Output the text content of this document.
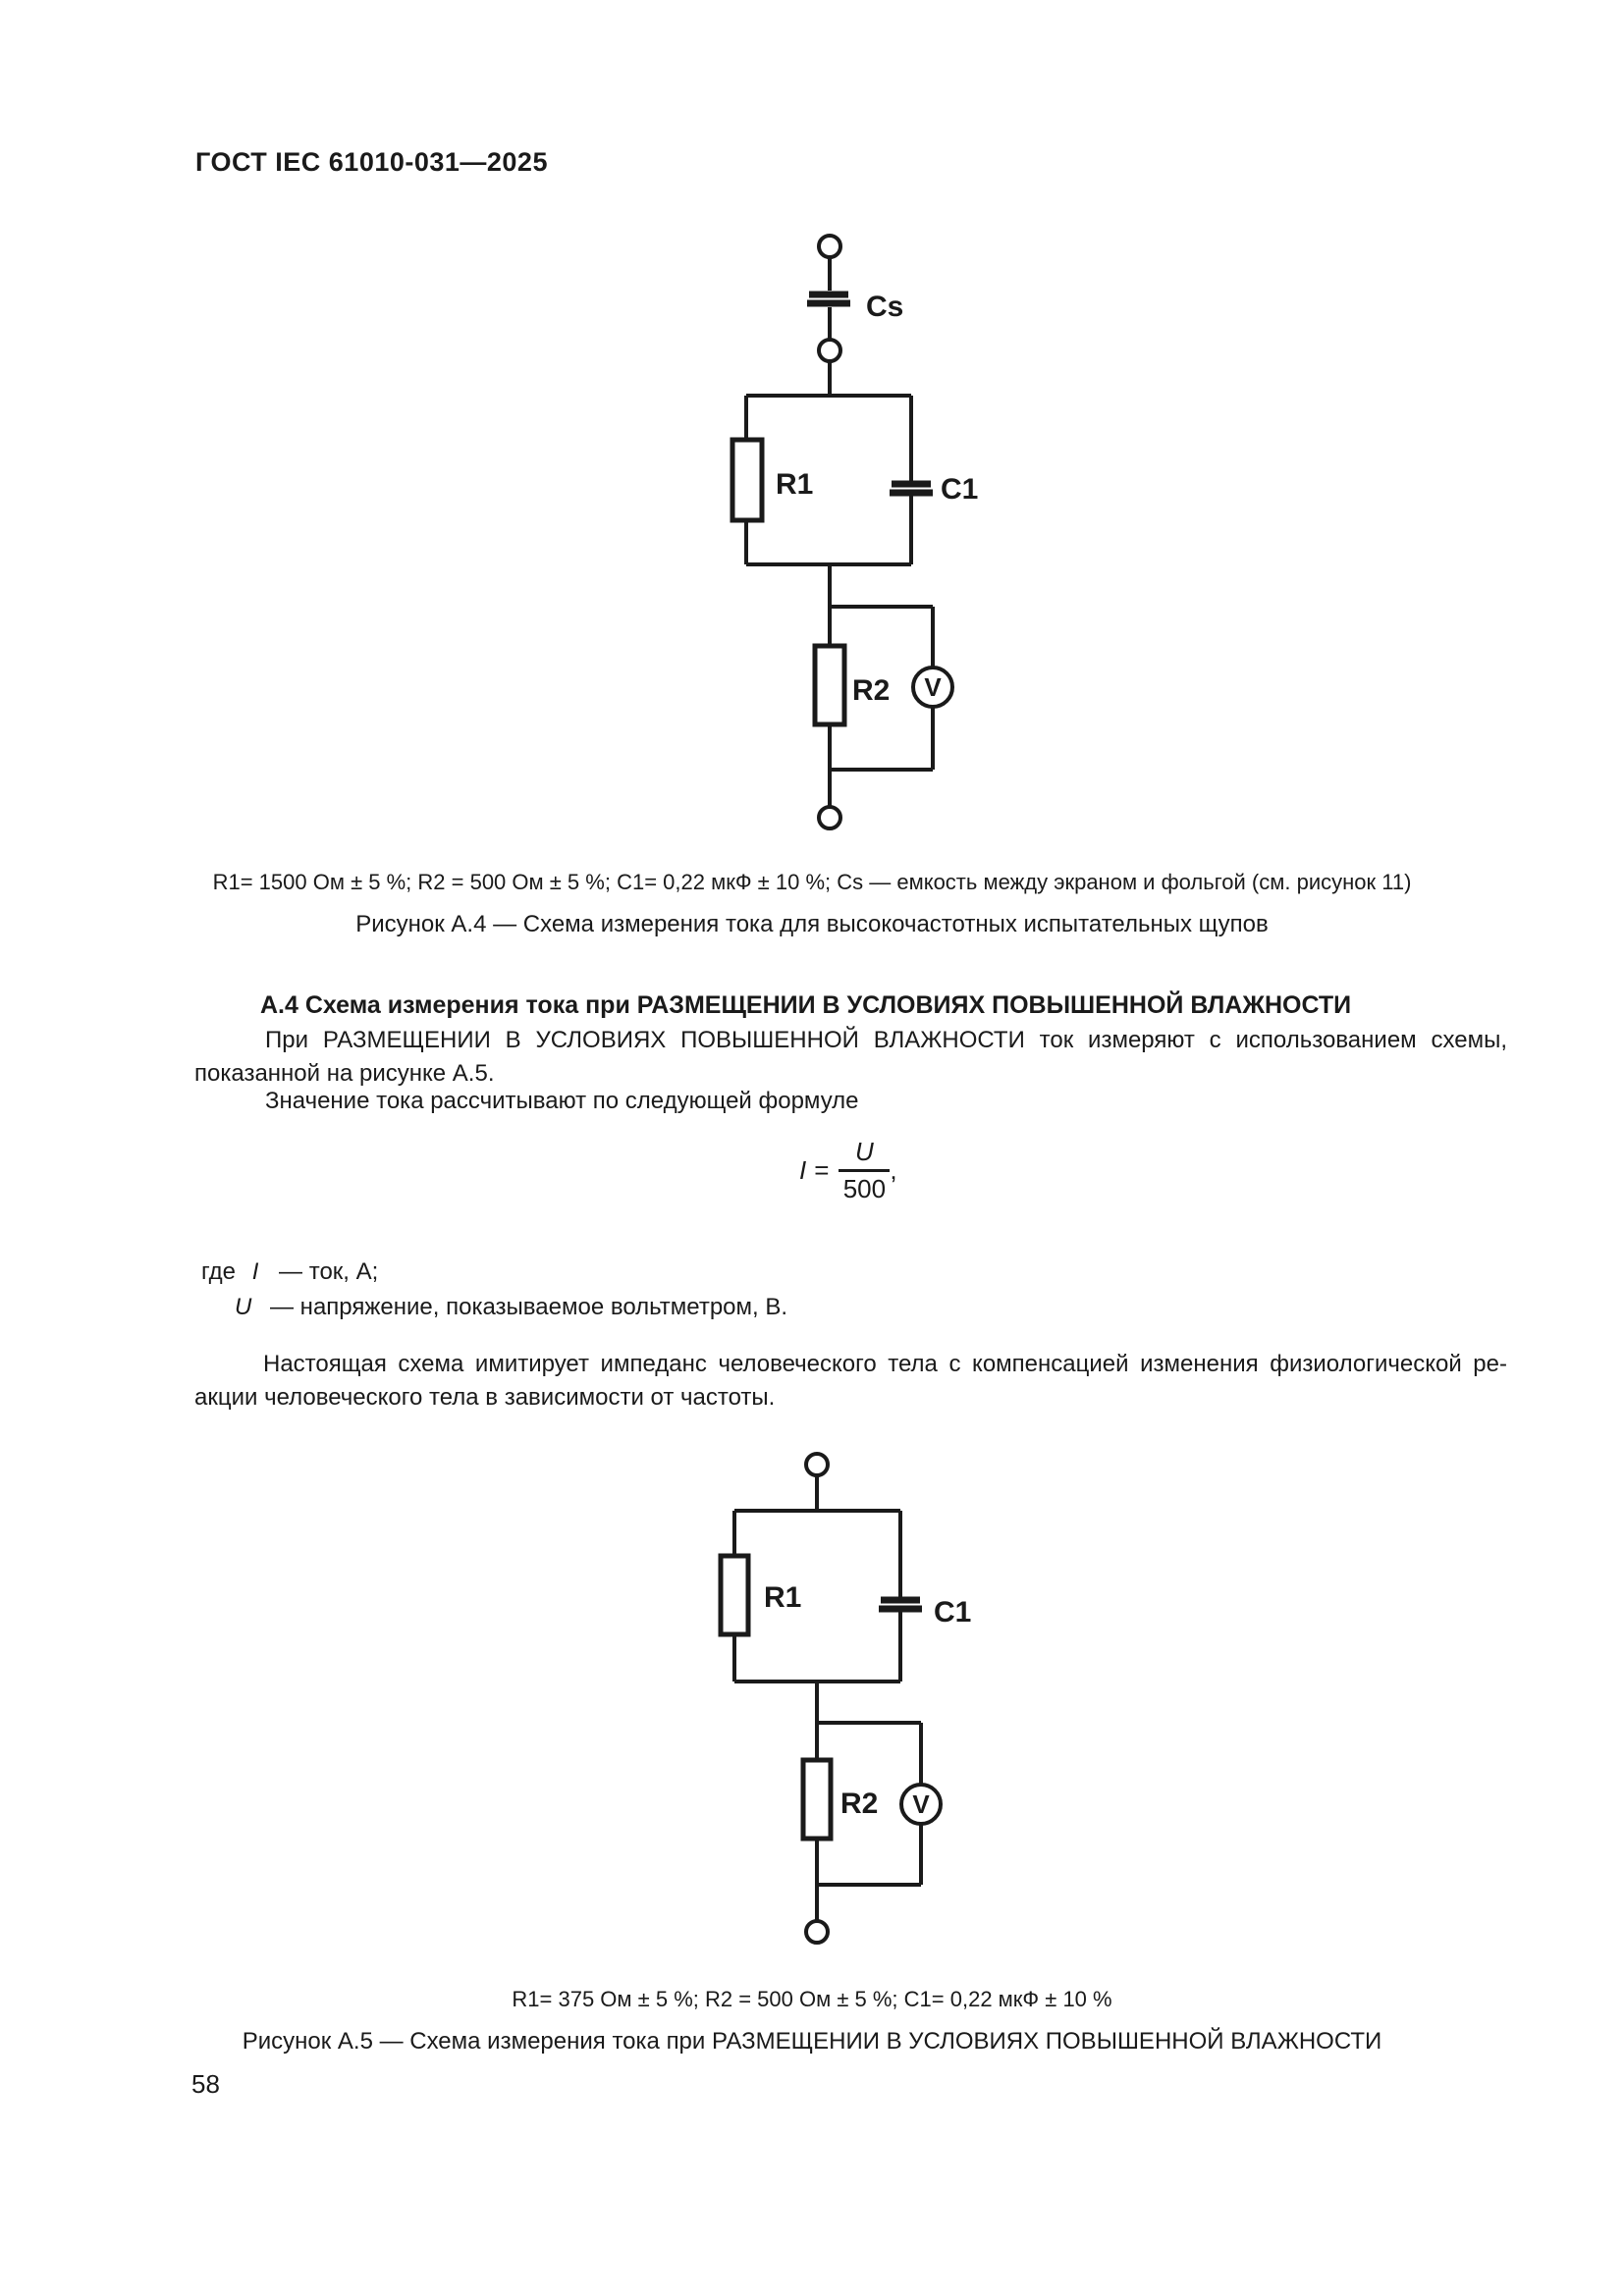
ГОСТ IEC 61010-031—2025
Cs
R1	C1
R2 V
R1= 1500 Ом ± 5 %; R2 = 500 Ом ± 5 %; С1= 0,22 мкФ ± 10 %; Cs — емкость между экраном и фольгой (см. рисунок 11)
Рисунок А.4 — Схема измерения тока для высокочастотных испытательных щупов
А.4 Схема измерения тока при РАЗМЕЩЕНИИ В УСЛОВИЯХ ПОВЫШЕННОЙ ВЛАЖНОСТИ
При РАЗМЕЩЕНИИ В УСЛОВИЯХ ПОВЫШЕННОЙ ВЛАЖНОСТИ ток измеряют с использованием схемы,
показанной на рисунке А.5.
Значение тока рассчитывают по следующей формуле
$I = \frac{U}{500}$ ,
где I — ток, А;
U — напряжение, показываемое вольтметром, В.
Настоящая схема имитирует импеданс человеческого тела с компенсацией изменения физиологической ре-
акции человеческого тела в зависимости от частоты.
R1	C1
R2 V
R1= 375 Ом ± 5 %; R2 = 500 Ом ± 5 %; С1= 0,22 мкФ ± 10 %
Рисунок А.5 — Схема измерения тока при РАЗМЕЩЕНИИ В УСЛОВИЯХ ПОВЫШЕННОЙ ВЛАЖНОСТИ
58
